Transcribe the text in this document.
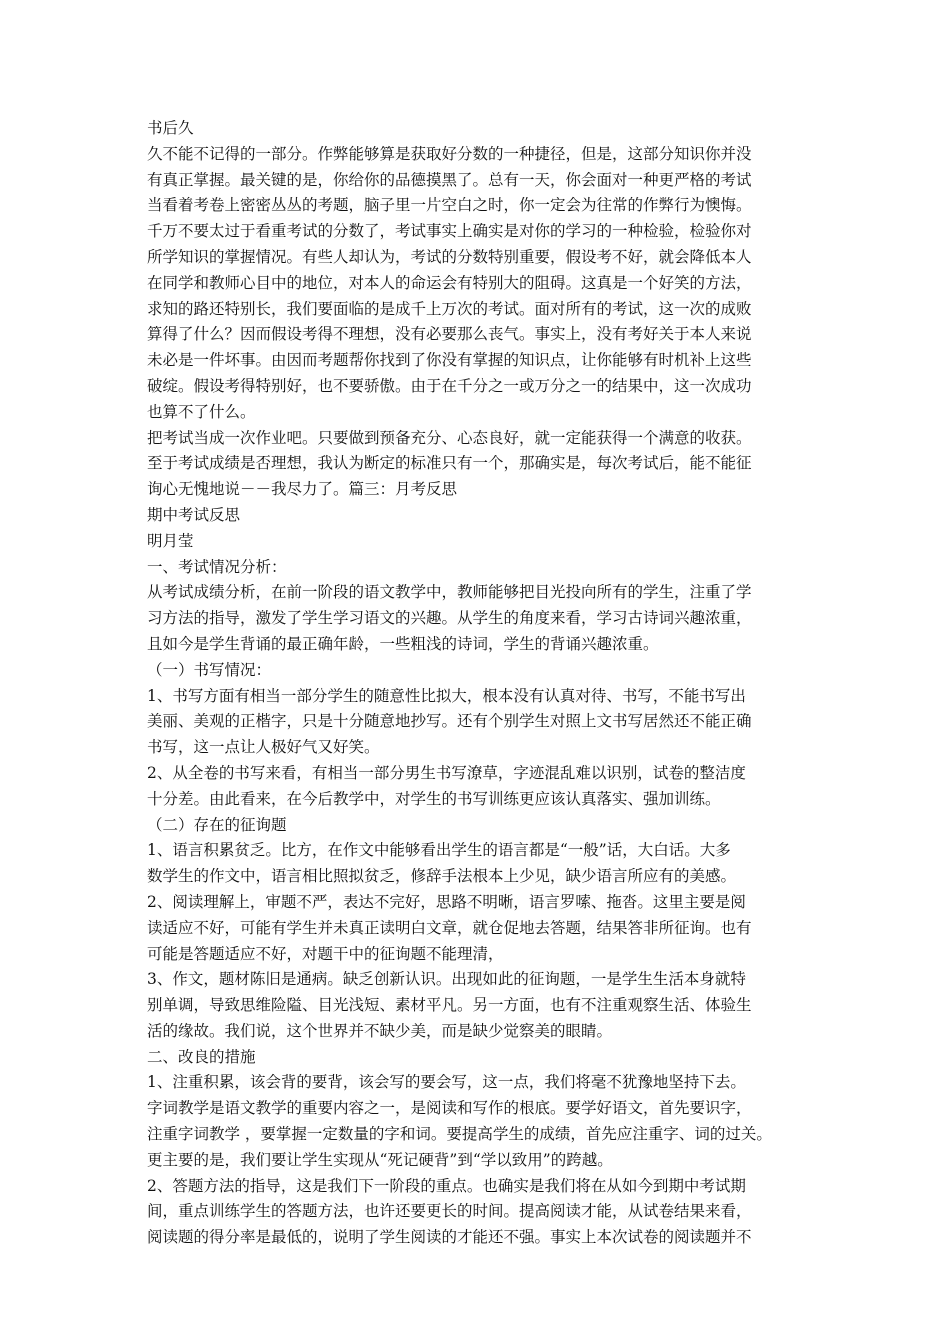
书后久
久不能不记得的一部分。作弊能够算是获取好分数的一种捷径，但是，这部分知识你并没
有真正掌握。最关键的是，你给你的品德摸黑了。总有一天，你会面对一种更严格的考试
当看着考卷上密密丛丛的考题，脑子里一片空白之时，你一定会为往常的作弊行为懊悔。
千万不要太过于看重考试的分数了，考试事实上确实是对你的学习的一种检验，检验你对
所学知识的掌握情况。有些人却认为，考试的分数特别重要，假设考不好，就会降低本人
在同学和教师心目中的地位，对本人的命运会有特别大的阻碍。这真是一个好笑的方法，
求知的路还特别长，我们要面临的是成千上万次的考试。面对所有的考试，这一次的成败
算得了什么？因而假设考得不理想，没有必要那么丧气。事实上，没有考好关于本人来说
未必是一件坏事。由因而考题帮你找到了你没有掌握的知识点，让你能够有时机补上这些
破绽。假设考得特别好，也不要骄傲。由于在千分之一或万分之一的结果中，这一次成功
也算不了什么。
把考试当成一次作业吧。只要做到预备充分、心态良好，就一定能获得一个满意的收获。
至于考试成绩是否理想，我认为断定的标准只有一个，那确实是，每次考试后，能不能征
询心无愧地说－－我尽力了。篇三：月考反思
期中考试反思
明月莹
一、考试情况分析：
从考试成绩分析，在前一阶段的语文教学中，教师能够把目光投向所有的学生，注重了学
习方法的指导，激发了学生学习语文的兴趣。从学生的角度来看，学习古诗词兴趣浓重，
且如今是学生背诵的最正确年龄，一些粗浅的诗词，学生的背诵兴趣浓重。
（一）书写情况：
1、书写方面有相当一部分学生的随意性比拟大，根本没有认真对待、书写，不能书写出
美丽、美观的正楷字，只是十分随意地抄写。还有个别学生对照上文书写居然还不能正确
书写，这一点让人极好气又好笑。
2、从全卷的书写来看，有相当一部分男生书写潦草，字迹混乱难以识别，试卷的整洁度
十分差。由此看来，在今后教学中，对学生的书写训练更应该认真落实、强加训练。
（二）存在的征询题
1、语言积累贫乏。比方，在作文中能够看出学生的语言都是“一般”话，大白话。大多
数学生的作文中，语言相比照拟贫乏，修辞手法根本上少见，缺少语言所应有的美感。
2、阅读理解上，审题不严，表达不完好，思路不明晰，语言罗嗦、拖沓。这里主要是阅
读适应不好，可能有学生并未真正读明白文章，就仓促地去答题，结果答非所征询。也有
可能是答题适应不好，对题干中的征询题不能理清，
3、作文，题材陈旧是通病。缺乏创新认识。出现如此的征询题，一是学生生活本身就特
别单调，导致思维险隘、目光浅短、素材平凡。另一方面，也有不注重观察生活、体验生
活的缘故。我们说，这个世界并不缺少美，而是缺少觉察美的眼睛。
二、改良的措施
1、注重积累，该会背的要背，该会写的要会写，这一点，我们将毫不犹豫地坚持下去。
字词教学是语文教学的重要内容之一，是阅读和写作的根底。要学好语文，首先要识字，
注重字词教学 ，要掌握一定数量的字和词。要提高学生的成绩，首先应注重字、词的过关。
更主要的是，我们要让学生实现从“死记硬背”到“学以致用”的跨越。
2、答题方法的指导，这是我们下一阶段的重点。也确实是我们将在从如今到期中考试期
间，重点训练学生的答题方法，也许还要更长的时间。提高阅读才能，从试卷结果来看，
阅读题的得分率是最低的，说明了学生阅读的才能还不强。事实上本次试卷的阅读题并不
